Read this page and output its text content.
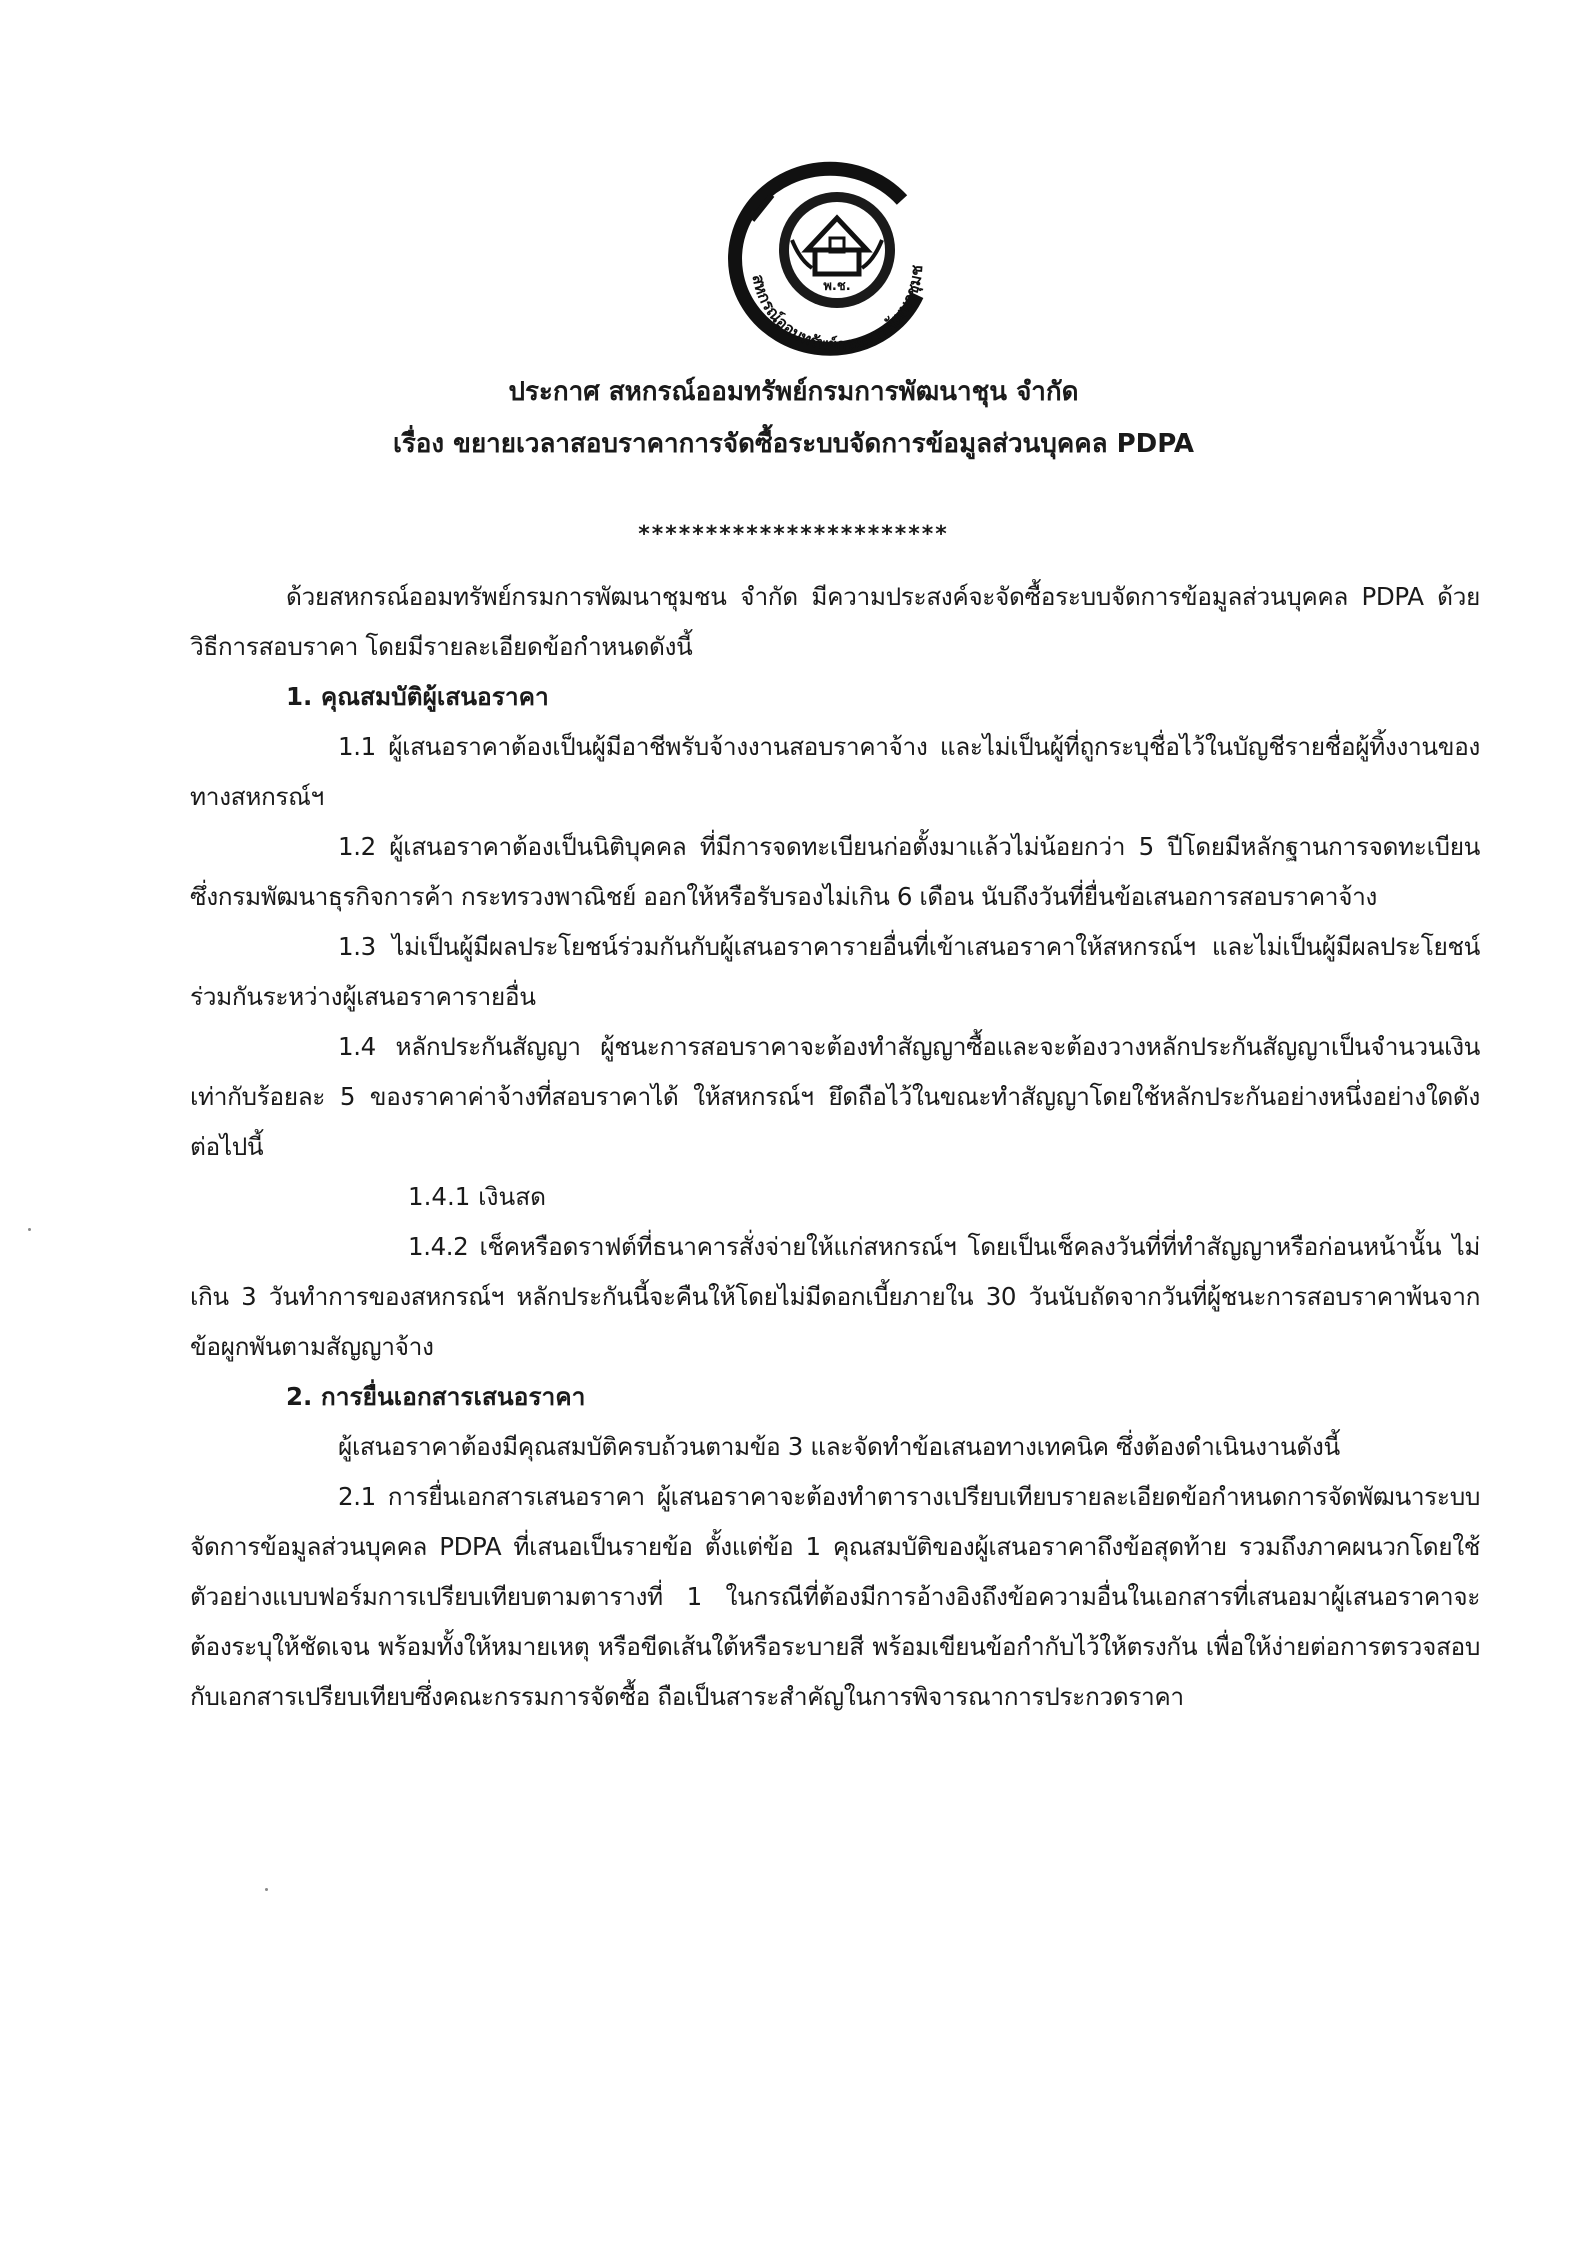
สหกรณ์ออมทรัพย์กรมการพัฒนาชุมช
พ.ช.
ประกาศ สหกรณ์ออมทรัพย์กรมการพัฒนาชุน จำกัด
เรื่อง ขยายเวลาสอบราคาการจัดซื้อระบบจัดการข้อมูลส่วนบุคคล PDPA
***********************

ด้วยสหกรณ์ออมทรัพย์กรมการพัฒนาชุมชน จำกัด มีความประสงค์จะจัดซื้อระบบจัดการข้อมูลส่วนบุคคล PDPA ด้วยวิธีการสอบราคา โดยมีรายละเอียดข้อกำหนดดังนี้

1. คุณสมบัติผู้เสนอราคา

1.1 ผู้เสนอราคาต้องเป็นผู้มีอาชีพรับจ้างงานสอบราคาจ้าง และไม่เป็นผู้ที่ถูกระบุชื่อไว้ในบัญชีรายชื่อผู้ทิ้งงานของทางสหกรณ์ฯ

1.2 ผู้เสนอราคาต้องเป็นนิติบุคคล ที่มีการจดทะเบียนก่อตั้งมาแล้วไม่น้อยกว่า 5 ปีโดยมีหลักฐานการจดทะเบียน ซึ่งกรมพัฒนาธุรกิจการค้า กระทรวงพาณิชย์ ออกให้หรือรับรองไม่เกิน 6 เดือน นับถึงวันที่ยื่นข้อเสนอการสอบราคาจ้าง

1.3 ไม่เป็นผู้มีผลประโยชน์ร่วมกันกับผู้เสนอราคารายอื่นที่เข้าเสนอราคาให้สหกรณ์ฯ และไม่เป็นผู้มีผลประโยชน์ร่วมกันระหว่างผู้เสนอราคารายอื่น

1.4 หลักประกันสัญญา ผู้ชนะการสอบราคาจะต้องทำสัญญาซื้อและจะต้องวางหลักประกันสัญญาเป็นจำนวนเงินเท่ากับร้อยละ 5 ของราคาค่าจ้างที่สอบราคาได้ ให้สหกรณ์ฯ ยึดถือไว้ในขณะทำสัญญาโดยใช้หลักประกันอย่างหนึ่งอย่างใดดังต่อไปนี้

1.4.1 เงินสด

1.4.2 เช็คหรือดราฟต์ที่ธนาคารสั่งจ่ายให้แก่สหกรณ์ฯ โดยเป็นเช็คลงวันที่ที่ทำสัญญาหรือก่อนหน้านั้น ไม่เกิน 3 วันทำการของสหกรณ์ฯ หลักประกันนี้จะคืนให้โดยไม่มีดอกเบี้ยภายใน 30 วันนับถัดจากวันที่ผู้ชนะการสอบราคาพ้นจากข้อผูกพันตามสัญญาจ้าง

2. การยื่นเอกสารเสนอราคา

ผู้เสนอราคาต้องมีคุณสมบัติครบถ้วนตามข้อ 3 และจัดทำข้อเสนอทางเทคนิค ซึ่งต้องดำเนินงานดังนี้

2.1 การยื่นเอกสารเสนอราคา ผู้เสนอราคาจะต้องทำตารางเปรียบเทียบรายละเอียดข้อกำหนดการจัดพัฒนาระบบจัดการข้อมูลส่วนบุคคล PDPA ที่เสนอเป็นรายข้อ ตั้งแต่ข้อ 1 คุณสมบัติของผู้เสนอราคาถึงข้อสุดท้าย รวมถึงภาคผนวกโดยใช้ตัวอย่างแบบฟอร์มการเปรียบเทียบตามตารางที่ 1 ในกรณีที่ต้องมีการอ้างอิงถึงข้อความอื่นในเอกสารที่เสนอมาผู้เสนอราคาจะต้องระบุให้ชัดเจน พร้อมทั้งให้หมายเหตุ หรือขีดเส้นใต้หรือระบายสี พร้อมเขียนข้อกำกับไว้ให้ตรงกัน เพื่อให้ง่ายต่อการตรวจสอบกับเอกสารเปรียบเทียบซึ่งคณะกรรมการจัดซื้อ ถือเป็นสาระสำคัญในการพิจารณาการประกวดราคา
